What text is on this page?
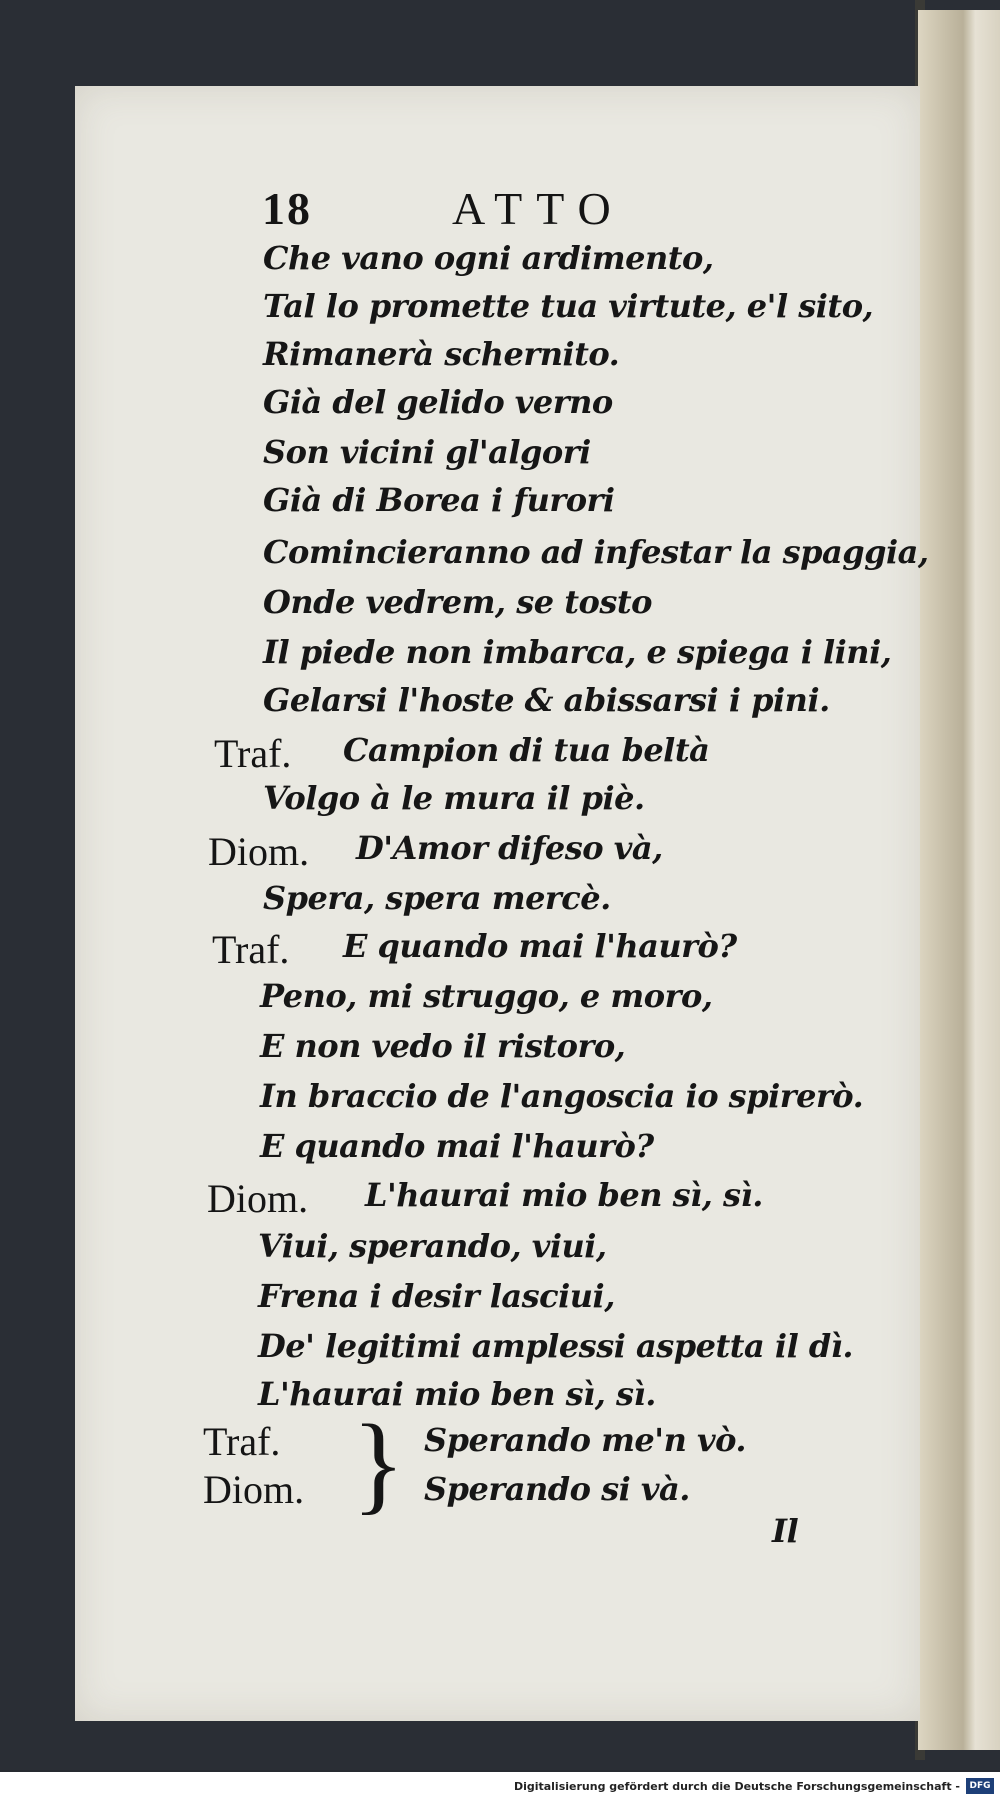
18	ATTO
Che vano ogni ardimento,
Tal lo promette tua virtute, e'l sito,
Rimanerà schernito.
Già del gelido verno
Son vicini gl'algori
Già di Borea i furori
Comincieranno ad infestar la spaggia,
Onde vedrem, se tosto
Il piede non imbarca, e spiega i lini,
Gelarsi l'hoste & abissarsi i pini.
Traf. Campion di tua beltà
Volgo à le mura il piè.
Diom. D'Amor difeso và,
Spera, spera mercè.
Traf. E quando mai l'haurò?
Peno, mi struggo, e moro,
E non vedo il ristoro,
In braccio de l'angoscia io spirerò.
E quando mai l'haurò?
Diom. L'haurai mio ben sì, sì.
Viui, sperando, viui,
Frena i desir lasciui,
De' legitimi amplessi aspetta il dì.
L'haurai mio ben sì, sì.
Traf.
Diom. } Sperando me'n vò.
Sperando si và.
Il
Digitalisierung gefördert durch die Deutsche Forschungsgemeinschaft -	DFG
